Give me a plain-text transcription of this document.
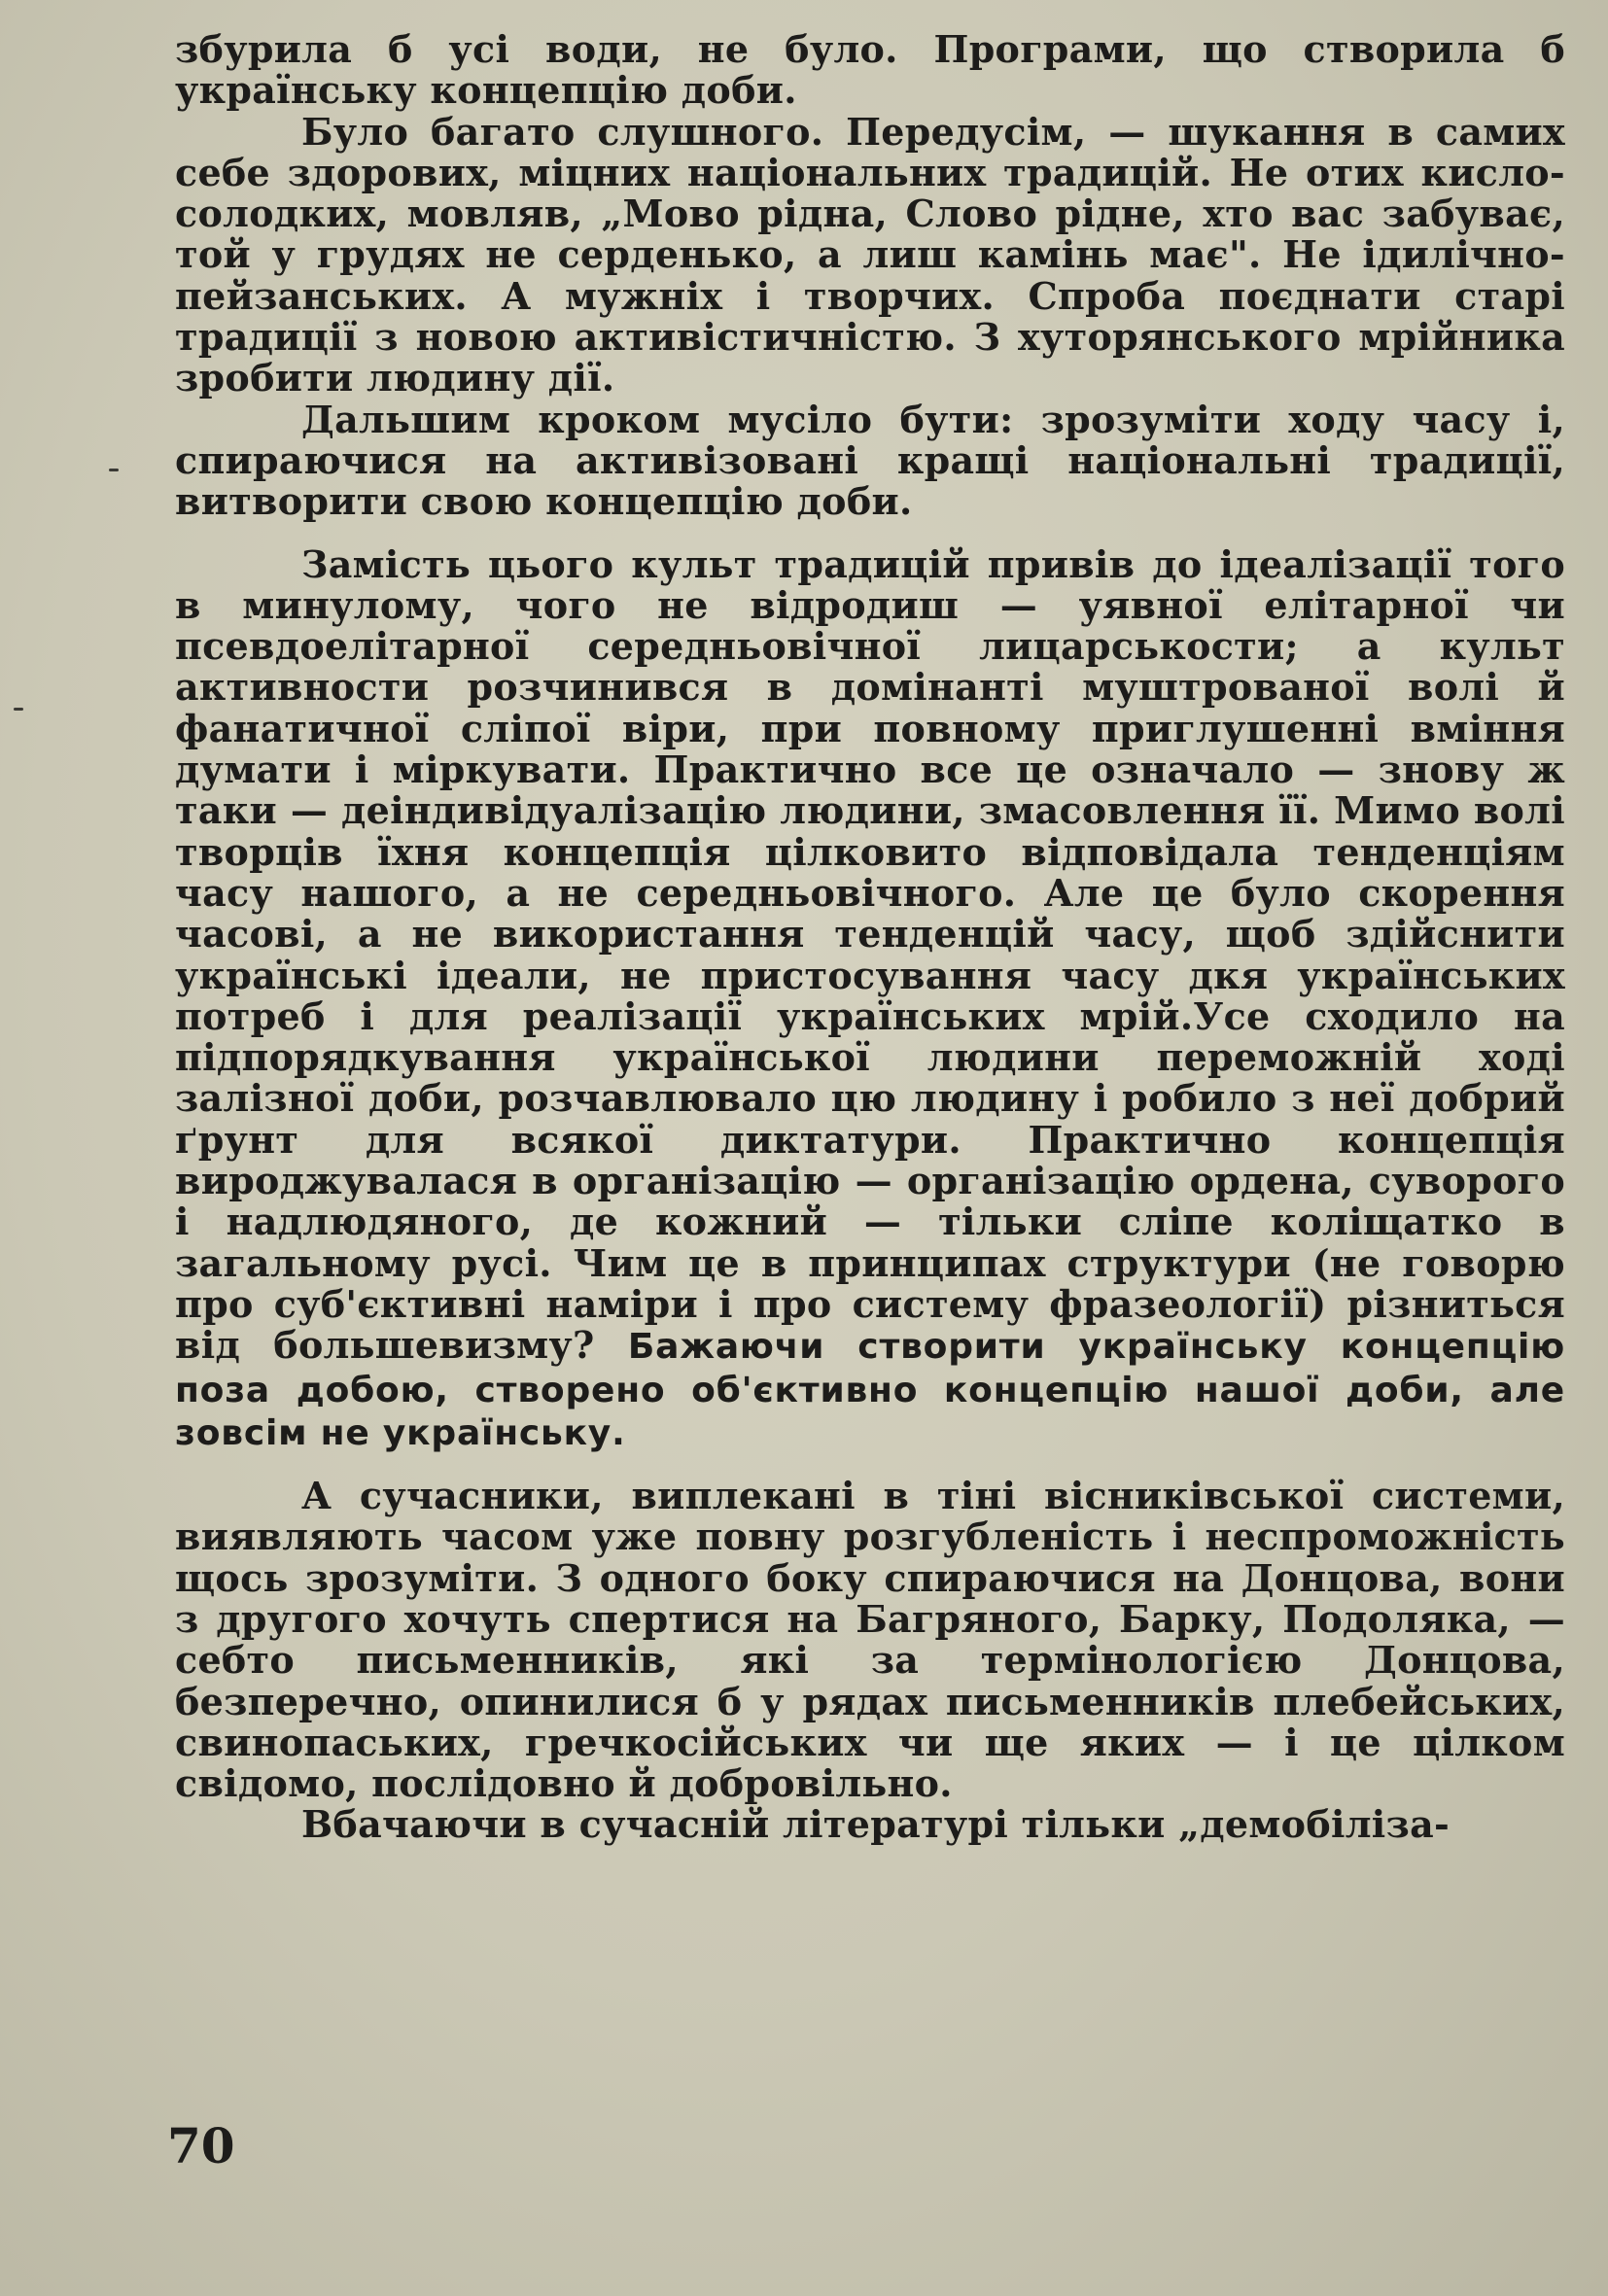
збурила б усі води, не було. Програми, що створила б українську концепцію доби.

Було багато слушного. Передусім, — шукання в самих себе здорових, міцних національних традицій. Не отих кисло-солодких, мовляв, „Мово рідна, Слово рідне, хто вас забуває, той у грудях не серденько, а лиш камінь має". Не ідилічно-пейзанських. А мужніх і творчих. Спроба поєднати старі традиції з новою активістичністю. З хуторянського мрійника зробити людину дії.

Дальшим кроком мусіло бути: зрозуміти ходу часу і, спираючися на активізовані кращі національні традиції, витворити свою концепцію доби.

Замість цього культ традицій привів до ідеалізації того в минулому, чого не відродиш — уявної елітарної чи псевдоелітарної середньовічної лицарськости; а культ активности розчинився в домінанті муштрованої волі й фанатичної сліпої віри, при повному приглушенні вміння думати і міркувати. Практично все це означало — знову ж таки — деіндивідуалізацію людини, змасовлення її. Мимо волі творців їхня концепція цілковито відповідала тенденціям часу нашого, а не середньовічного. Але це було скорення часові, а не використання тенденцій часу, щоб здійснити українські ідеали, не пристосування часу дкя українських потреб і для реалізації українських мрій.Усе сходило на підпорядкування української людини переможній ході залізної доби, розчавлювало цю людину і робило з неї добрий ґрунт для всякої диктатури. Практично концепція вироджувалася в організацію — організацію ордена, суворого і надлюдяного, де кожний — тільки сліпе коліщатко в загальному русі. Чим це в принципах структури (не говорю про суб'єктивні наміри і про систему фразеології) різниться від большевизму? Бажаючи створити українську концепцію поза добою, створено об'єктивно концепцію нашої доби, але зовсім не українську.

А сучасники, виплекані в тіні вісниківської системи, виявляють часом уже повну розгубленість і неспроможність щось зрозуміти. З одного боку спираючися на Донцова, вони з другого хочуть спертися на Багряного, Барку, Подоляка, — себто письменників, які за термінологією Донцова, безперечно, опинилися б у рядах письменників плебейських, свинопаських, гречкосійських чи ще яких — і це цілком свідомо, послідовно й добровільно.

Вбачаючи в сучасній літературі тільки „демобіліза-

70
